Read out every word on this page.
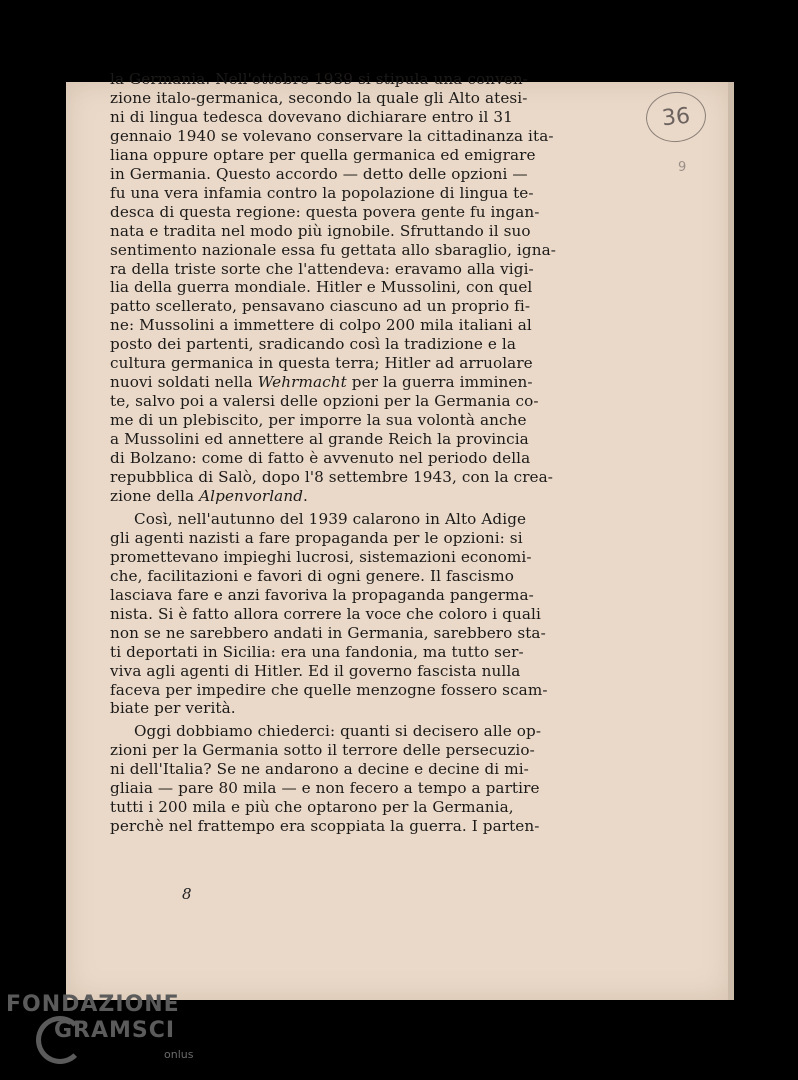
36
9
la Germania. Nell'ottobre 1939 si stipula una conven-
zione italo-germanica, secondo la quale gli Alto atesi-
ni di lingua tedesca dovevano dichiarare entro il 31
gennaio 1940 se volevano conservare la cittadinanza ita-
liana oppure optare per quella germanica ed emigrare
in Germania. Questo accordo — detto delle opzioni —
fu una vera infamia contro la popolazione di lingua te-
desca di questa regione: questa povera gente fu ingan-
nata e tradita nel modo più ignobile. Sfruttando il suo
sentimento nazionale essa fu gettata allo sbaraglio, igna-
ra della triste sorte che l'attendeva: eravamo alla vigi-
lia della guerra mondiale. Hitler e Mussolini, con quel
patto scellerato, pensavano ciascuno ad un proprio fi-
ne: Mussolini a immettere di colpo 200 mila italiani al
posto dei partenti, sradicando così la tradizione e la
cultura germanica in questa terra; Hitler ad arruolare
nuovi soldati nella Wehrmacht per la guerra imminen-
te, salvo poi a valersi delle opzioni per la Germania co-
me di un plebiscito, per imporre la sua volontà anche
a Mussolini ed annettere al grande Reich la provincia
di Bolzano: come di fatto è avvenuto nel periodo della
repubblica di Salò, dopo l'8 settembre 1943, con la crea-
zione della Alpenvorland.
Così, nell'autunno del 1939 calarono in Alto Adige
gli agenti nazisti a fare propaganda per le opzioni: si
promettevano impieghi lucrosi, sistemazioni economi-
che, facilitazioni e favori di ogni genere. Il fascismo
lasciava fare e anzi favoriva la propaganda pangerma-
nista. Si è fatto allora correre la voce che coloro i quali
non se ne sarebbero andati in Germania, sarebbero sta-
ti deportati in Sicilia: era una fandonia, ma tutto ser-
viva agli agenti di Hitler. Ed il governo fascista nulla
faceva per impedire che quelle menzogne fossero scam-
biate per verità.
Oggi dobbiamo chiederci: quanti si decisero alle op-
zioni per la Germania sotto il terrore delle persecuzio-
ni dell'Italia? Se ne andarono a decine e decine di mi-
gliaia — pare 80 mila — e non fecero a tempo a partire
tutti i 200 mila e più che optarono per la Germania,
perchè nel frattempo era scoppiata la guerra. I parten-
8
FONDAZIONE
GRAMSCI
onlus
